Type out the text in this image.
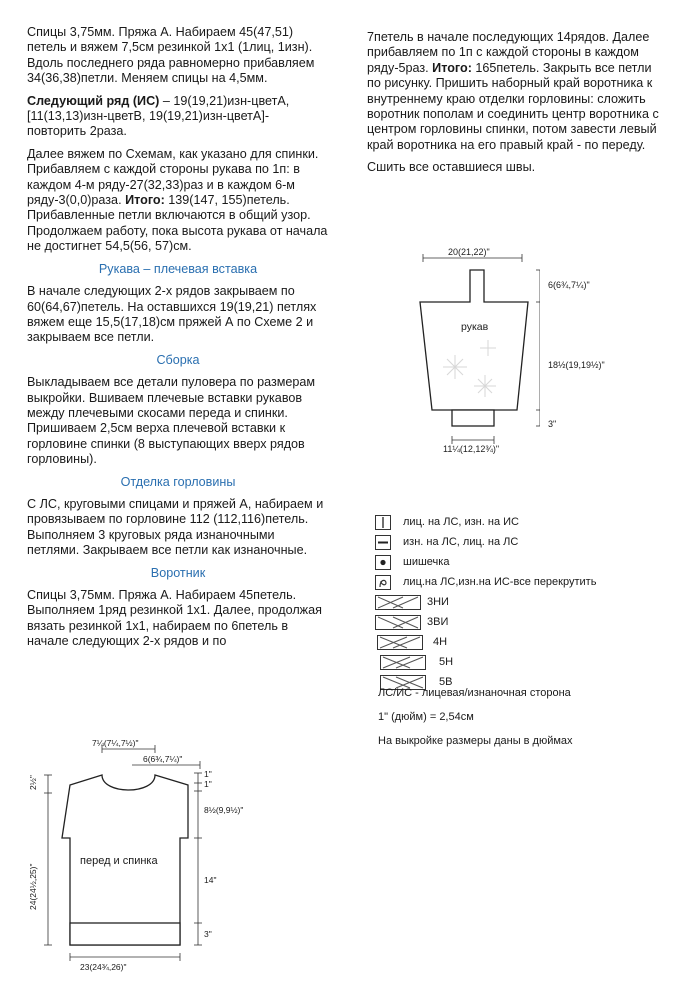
Спицы 3,75мм. Пряжа А. Набираем 45(47,51) петель и вяжем 7,5см резинкой 1х1 (1лиц, 1изн). Вдоль последнего ряда равномерно прибавляем 34(36,38)петли. Меняем спицы на 4,5мм.

Следующий ряд (ИС) – 19(19,21)изн-цветА, [11(13,13)изн-цветВ, 19(19,21)изн-цветА]- повторить 2раза.

Далее вяжем по Схемам, как указано для спинки. Прибавляем с каждой стороны рукава по 1п: в каждом 4-м ряду-27(32,33)раз и в каждом 6-м ряду-3(0,0)раза. Итого: 139(147, 155)петель. Прибавленные петли включаются в общий узор. Продолжаем работу, пока высота рукава от начала не достигнет 54,5(56, 57)см.

Рукава – плечевая вставка

В начале следующих 2-х рядов закрываем по 60(64,67)петель. На оставшихся 19(19,21) петлях вяжем еще 15,5(17,18)см пряжей А по Схеме 2 и закрываем все петли.

Сборка

Выкладываем все детали пуловера по размерам выкройки. Вшиваем плечевые вставки рукавов между плечевыми скосами переда и спинки. Пришиваем 2,5см верха плечевой вставки к горловине спинки (8 выступающих вверх рядов горловины).

Отделка горловины

С ЛС, круговыми спицами и пряжей А, набираем и провязываем по горловине 112 (112,116)петель. Выполняем 3 круговых ряда изнаночными петлями. Закрываем все петли как изнаночные.

Воротник

Спицы 3,75мм. Пряжа А. Набираем 45петель. Выполняем 1ряд резинкой 1х1. Далее, продолжая вязать резинкой 1х1, набираем по 6петель в начале следующих 2-х рядов и по

7петель в начале последующих 14рядов. Далее прибавляем по 1п с каждой стороны в каждом ряду-5раз. Итого: 165петель. Закрыть все петли по рисунку. Пришить наборный край воротника к внутреннему краю отделки горловины: сложить воротник пополам и соединить центр воротника с центром горловины спинки, потом завести левый край воротника на его правый край - по переду.

Сшить все оставшиеся швы.

20(21,22)"
рукав
11¼(12,12¾)"
6(6¾,7¼)"
18½(19,19½)"
3"
лиц. на ЛС, изн. на ИС
изн. на ЛС, лиц. на ЛС
шишечка
лиц.на ЛС,изн.на ИС-все перекрутить
3НИ
3ВИ
4Н
5Н
5В
ЛС/ИС - лицевая/изнаночная сторона
1" (дюйм) = 2,54см
На выкройке размеры даны в дюймах
7¼(7¼,7½)"
6(6¾,7¼)"
1"
1"
8½(9,9½)"
14"
3"
23(24¾,26)"
2½"
24(24½,25)"
перед и спинка
